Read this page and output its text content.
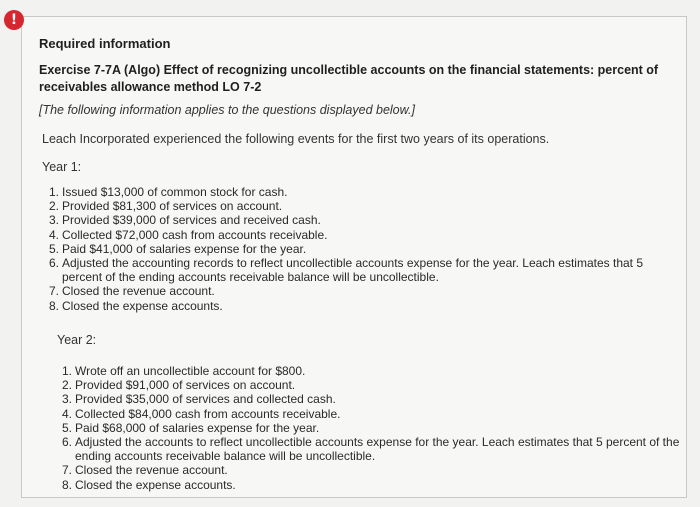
!
Required information
Exercise 7-7A (Algo) Effect of recognizing uncollectible accounts on the financial statements: percent of receivables allowance method LO 7-2
[The following information applies to the questions displayed below.]
Leach Incorporated experienced the following events for the first two years of its operations.
Year 1:
1. Issued $13,000 of common stock for cash.
2. Provided $81,300 of services on account.
3. Provided $39,000 of services and received cash.
4. Collected $72,000 cash from accounts receivable.
5. Paid $41,000 of salaries expense for the year.
6. Adjusted the accounting records to reflect uncollectible accounts expense for the year. Leach estimates that 5 percent of the ending accounts receivable balance will be uncollectible.
7. Closed the revenue account.
8. Closed the expense accounts.
Year 2:
1. Wrote off an uncollectible account for $800.
2. Provided $91,000 of services on account.
3. Provided $35,000 of services and collected cash.
4. Collected $84,000 cash from accounts receivable.
5. Paid $68,000 of salaries expense for the year.
6. Adjusted the accounts to reflect uncollectible accounts expense for the year. Leach estimates that 5 percent of the ending accounts receivable balance will be uncollectible.
7. Closed the revenue account.
8. Closed the expense accounts.
